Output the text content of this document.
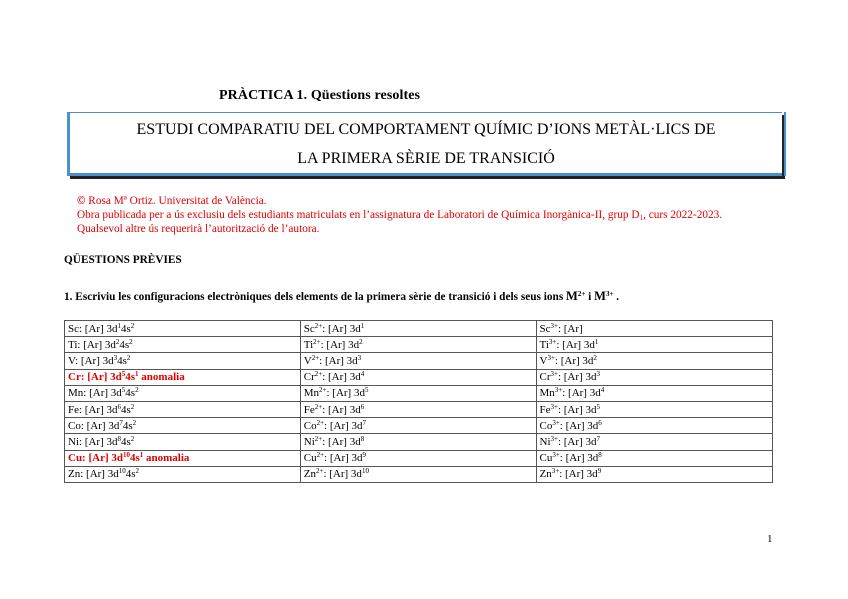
PRÀCTICA 1. Qüestions resoltes
ESTUDI COMPARATIU DEL COMPORTAMENT QUÍMIC D’IONS METÀL·LICS DE
LA PRIMERA SÈRIE DE TRANSICIÓ
© Rosa Mª Ortiz. Universitat de València.
Obra publicada per a ús exclusiu dels estudiants matriculats en l’assignatura de Laboratori de Química Inorgànica-II, grup $D_1$, curs 2022-2023.
Qualsevol altre ús requerirà l’autorització de l’autora.
QÜESTIONS PRÈVIES
1. Escriviu les configuracions electròniques dels elements de la primera sèrie de transició i dels seus ions $M^{2+}$ i $M^{3+}$ .
Sc: [Ar] $3d^14s^2$	$Sc^{2+}$: [Ar] $3d^1$	$Sc^{3+}$: [Ar]
Ti: [Ar] $3d^24s^2$	$Ti^{2+}$: [Ar] $3d^2$	$Ti^{3+}$: [Ar] $3d^1$
V: [Ar] $3d^34s^2$	$V^{2+}$: [Ar] $3d^3$	$V^{3+}$: [Ar] $3d^2$
Cr: [Ar] $3d^54s^1$ anomalia	$Cr^{2+}$: [Ar] $3d^4$	$Cr^{3+}$: [Ar] $3d^3$
Mn: [Ar] $3d^54s^2$	$Mn^{2+}$: [Ar] $3d^5$	$Mn^{3+}$: [Ar] $3d^4$
Fe: [Ar] $3d^64s^2$	$Fe^{2+}$: [Ar] $3d^6$	$Fe^{3+}$: [Ar] $3d^5$
Co: [Ar] $3d^74s^2$	$Co^{2+}$: [Ar] $3d^7$	$Co^{3+}$: [Ar] $3d^6$
Ni: [Ar] $3d^84s^2$	$Ni^{2+}$: [Ar] $3d^8$	$Ni^{3+}$: [Ar] $3d^7$
Cu: [Ar] $3d^{10}4s^1$ anomalia	$Cu^{2+}$: [Ar] $3d^9$	$Cu^{3+}$: [Ar] $3d^8$
Zn: [Ar] $3d^{10}4s^2$	$Zn^{2+}$: [Ar] $3d^{10}$	$Zn^{3+}$: [Ar] $3d^9$
1
